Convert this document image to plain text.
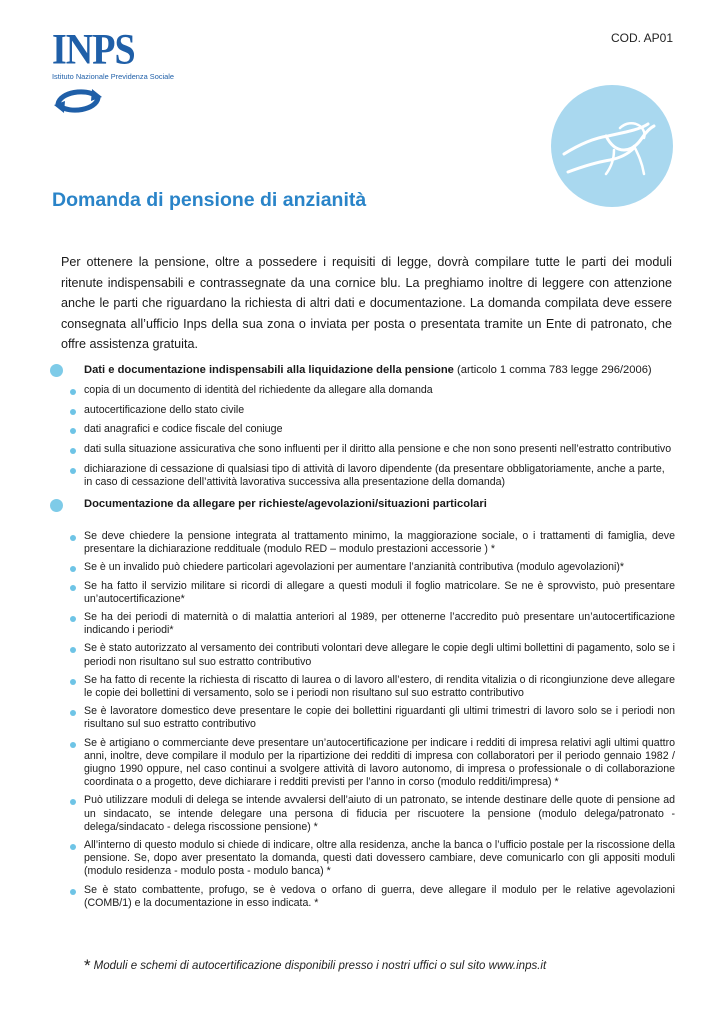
INPS
Istituto Nazionale Previdenza Sociale
COD. AP01
Domanda di pensione di anzianità

Per ottenere la pensione, oltre a possedere i requisiti di legge, dovrà compilare tutte le parti dei moduli ritenute indispensabili e contrassegnate da una cornice blu. La preghiamo inoltre di leggere con attenzione anche le parti che riguardano la richiesta di altri dati e documentazione. La domanda compilata deve essere consegnata all’ufficio Inps della sua zona o inviata per posta o presentata tramite un Ente di patronato, che offre assistenza gratuita.

Dati e documentazione indispensabili alla liquidazione della pensione (articolo 1 comma 783 legge 296/2006)
copia di un documento di identità del richiedente da allegare alla domanda
autocertificazione dello stato civile
dati anagrafici e codice fiscale del coniuge
dati sulla situazione assicurativa che sono influenti per il diritto alla pensione e che non sono presenti nell’estratto contributivo
dichiarazione di cessazione di qualsiasi tipo di attività di lavoro dipendente (da presentare obbligatoriamente, anche a parte, in caso di cessazione dell’attività lavorativa successiva alla presentazione della domanda)
Documentazione da allegare per richieste/agevolazioni/situazioni particolari
Se deve chiedere la pensione integrata al trattamento minimo, la maggiorazione sociale, o i trattamenti di famiglia, deve presentare la dichiarazione reddituale (modulo RED – modulo prestazioni accessorie ) *
Se è un invalido può chiedere particolari agevolazioni per aumentare l’anzianità contributiva (modulo agevolazioni)*
Se ha fatto il servizio militare si ricordi di allegare a questi moduli il foglio matricolare. Se ne è sprovvisto, può presentare un’autocertificazione*
Se ha dei periodi di maternità o di malattia anteriori al 1989, per ottenerne l’accredito può presentare un’autocertificazione indicando i periodi*
Se è stato autorizzato al versamento dei contributi volontari deve allegare le copie degli ultimi bollettini di pagamento, solo se i periodi non risultano sul suo estratto contributivo
Se ha fatto di recente la richiesta di riscatto di laurea o di lavoro all’estero, di rendita vitalizia o di ricongiunzione deve allegare le copie dei bollettini di versamento, solo se i periodi non risultano sul suo estratto contributivo
Se è lavoratore domestico deve presentare le copie dei bollettini riguardanti gli ultimi trimestri di lavoro solo se i periodi non risultano sul suo estratto contributivo
Se è artigiano o commerciante deve presentare un’autocertificazione per indicare i redditi di impresa relativi agli ultimi quattro anni, inoltre, deve compilare il modulo per la ripartizione dei redditi di impresa con collaboratori per il periodo gennaio 1982 / giugno 1990 oppure, nel caso continui a svolgere attività di lavoro autonomo, di impresa o professionale o di collaborazione coordinata o a progetto, deve dichiarare i redditi previsti per l’anno in corso (modulo redditi/impresa) *
Può utilizzare moduli di delega se intende avvalersi dell’aiuto di un patronato, se intende destinare delle quote di pensione ad un sindacato, se intende delegare una persona di fiducia per riscuotere la pensione (modulo delega/patronato - delega/sindacato - delega riscossione pensione) *
All’interno di questo modulo si chiede di indicare, oltre alla residenza, anche la banca o l’ufficio postale per la riscossione della pensione. Se, dopo aver presentato la domanda, questi dati dovessero cambiare, deve comunicarlo con gli appositi moduli (modulo residenza - modulo posta - modulo banca) *
Se è stato combattente, profugo, se è vedova o orfano di guerra, deve allegare il modulo per le relative agevolazioni (COMB/1) e la documentazione in esso indicata. *
* Moduli e schemi di autocertificazione disponibili presso i nostri uffici o sul sito www.inps.it
